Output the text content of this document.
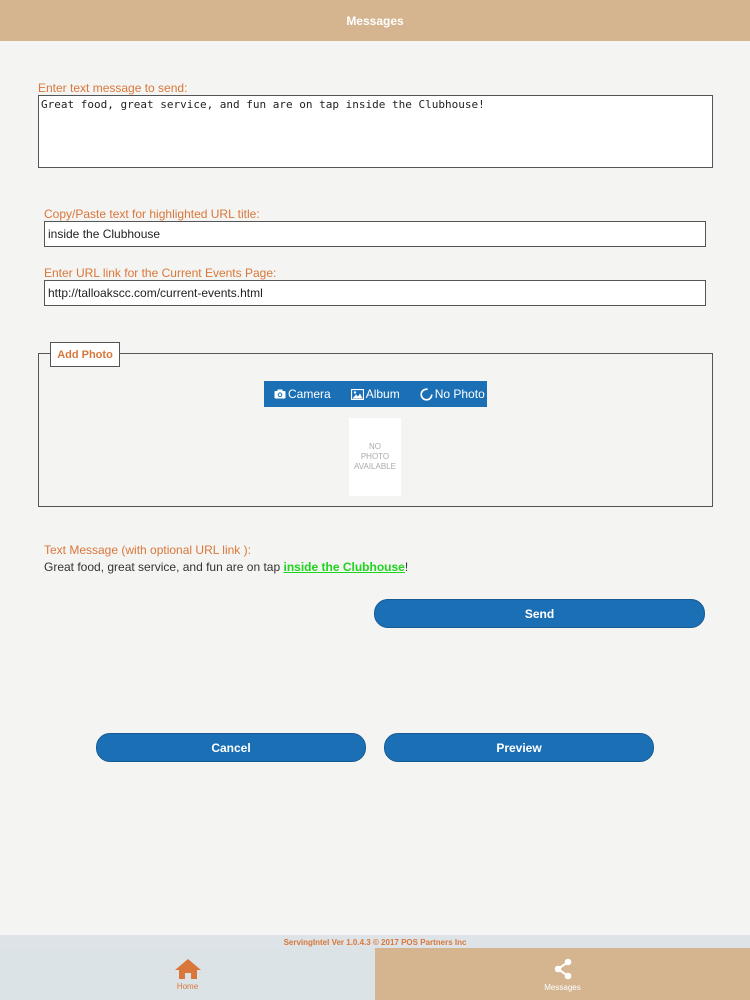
Messages
Enter text message to send:
Great food, great service, and fun are on tap inside the Clubhouse!
Copy/Paste text for highlighted URL title:
inside the Clubhouse
Enter URL link for the Current Events Page:
http://talloakscc.com/current-events.html
Add Photo
Camera	Album	No Photo
NO
PHOTO
AVAILABLE
Text Message (with optional URL link ):
Great food, great service, and fun are on tap inside the Clubhouse!
Send
Cancel	Preview
ServingIntel Ver 1.0.4.3 © 2017 POS Partners Inc
Home	Messages
